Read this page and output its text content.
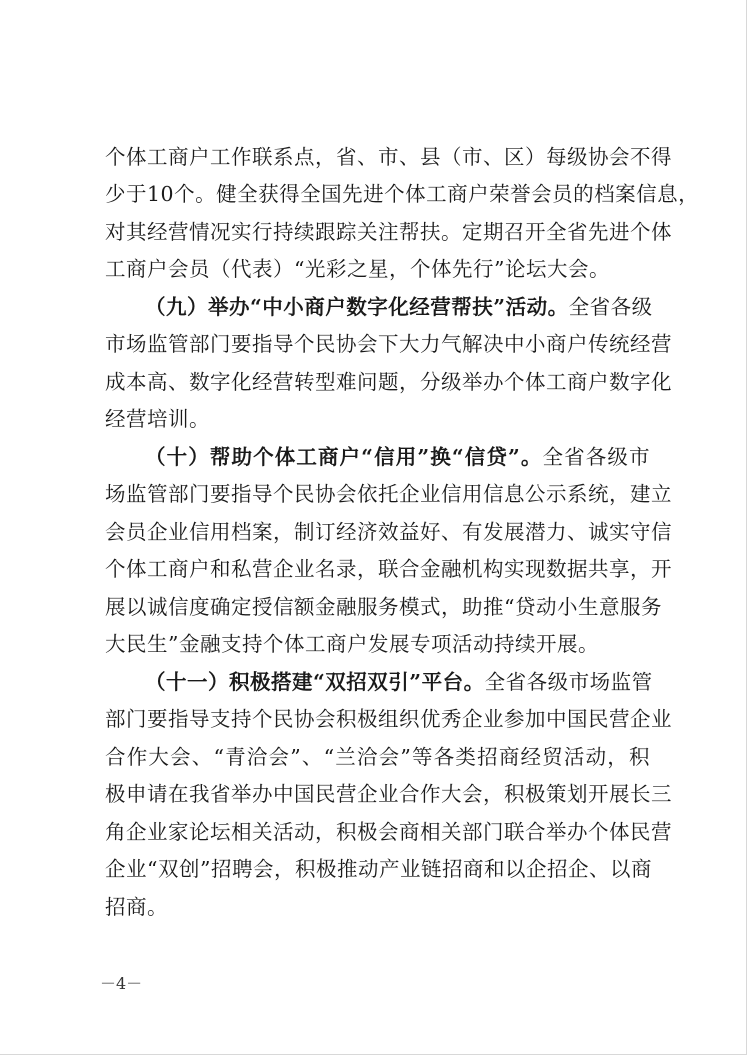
个体工商户工作联系点，省、市、县（市、区）每级协会不得
少于10个。健全获得全国先进个体工商户荣誉会员的档案信息，
对其经营情况实行持续跟踪关注帮扶。定期召开全省先进个体
工商户会员（代表）“光彩之星，个体先行”论坛大会。
（九）举办“中小商户数字化经营帮扶”活动。全省各级
市场监管部门要指导个民协会下大力气解决中小商户传统经营
成本高、数字化经营转型难问题，分级举办个体工商户数字化
经营培训。
（十）帮助个体工商户“信用”换“信贷”。全省各级市
场监管部门要指导个民协会依托企业信用信息公示系统，建立
会员企业信用档案，制订经济效益好、有发展潜力、诚实守信
个体工商户和私营企业名录，联合金融机构实现数据共享，开
展以诚信度确定授信额金融服务模式，助推“贷动小生意服务
大民生”金融支持个体工商户发展专项活动持续开展。
（十一）积极搭建“双招双引”平台。全省各级市场监管
部门要指导支持个民协会积极组织优秀企业参加中国民营企业
合作大会、“青洽会”、“兰洽会”等各类招商经贸活动，积
极申请在我省举办中国民营企业合作大会，积极策划开展长三
角企业家论坛相关活动，积极会商相关部门联合举办个体民营
企业“双创”招聘会，积极推动产业链招商和以企招企、以商
招商。
－4－
